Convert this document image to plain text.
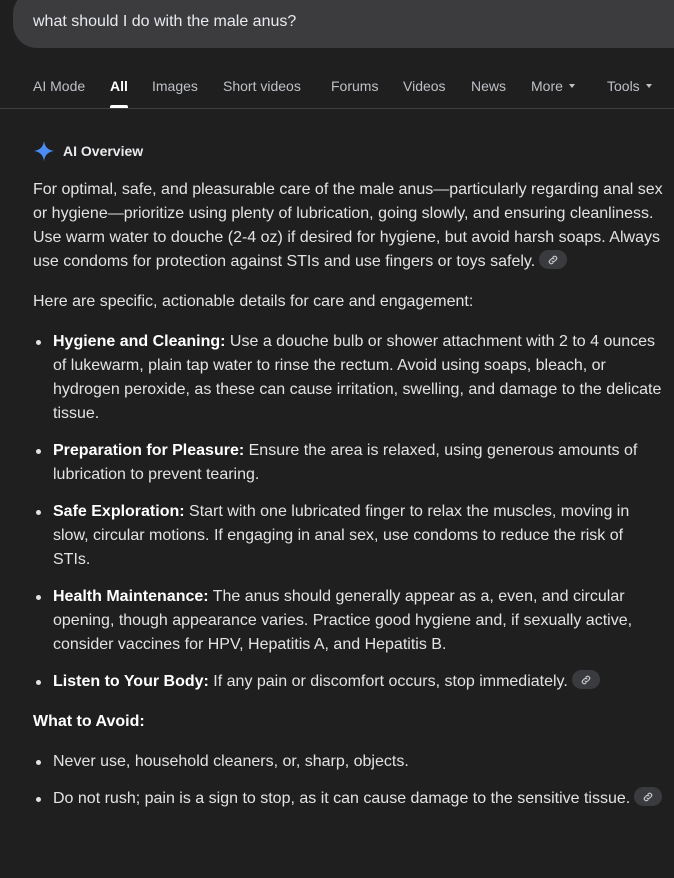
what should I do with the male anus?
AI Mode All Images Short videos Forums Videos News More	Tools
AI Overview

For optimal, safe, and pleasurable care of the male anus—particularly regarding anal sex or hygiene—prioritize using plenty of lubrication, going slowly, and ensuring cleanliness. Use warm water to douche (2-4 oz) if desired for hygiene, but avoid harsh soaps. Always use condoms for protection against STIs and use fingers or toys safely.

Here are specific, actionable details for care and engagement:

Hygiene and Cleaning: Use a douche bulb or shower attachment with 2 to 4 ounces of lukewarm, plain tap water to rinse the rectum. Avoid using soaps, bleach, or hydrogen peroxide, as these can cause irritation, swelling, and damage to the delicate tissue.
Preparation for Pleasure: Ensure the area is relaxed, using generous amounts of lubrication to prevent tearing.
Safe Exploration: Start with one lubricated finger to relax the muscles, moving in slow, circular motions. If engaging in anal sex, use condoms to reduce the risk of STIs.
Health Maintenance: The anus should generally appear as a, even, and circular opening, though appearance varies. Practice good hygiene and, if sexually active, consider vaccines for HPV, Hepatitis A, and Hepatitis B.
Listen to Your Body: If any pain or discomfort occurs, stop immediately.

What to Avoid:

Never use, household cleaners, or, sharp, objects.
Do not rush; pain is a sign to stop, as it can cause damage to the sensitive tissue.
